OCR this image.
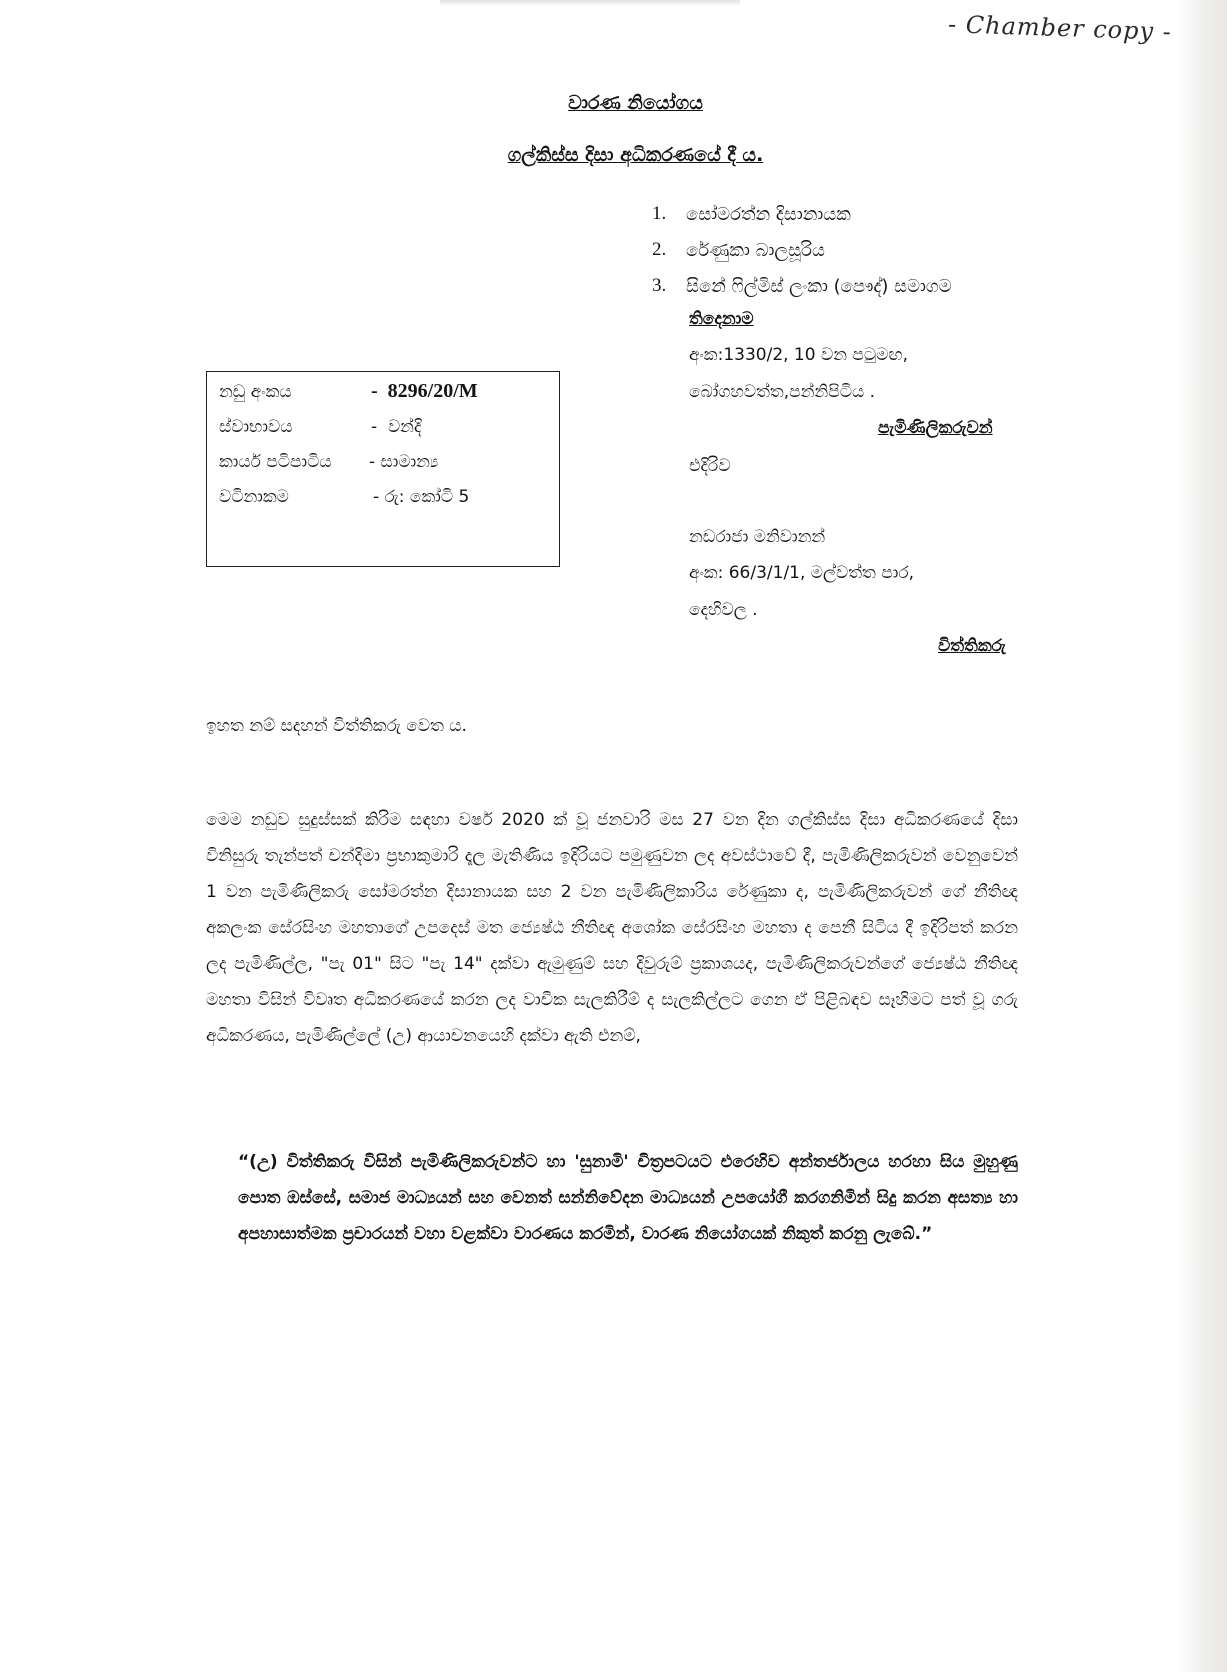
- Chamber copy -
වාරණ නියෝගය
ගල්කිස්ස දිසා අධිකරණයේ දී ය.
1.	සෝමරත්න දිසානායක
2.	රේණුකා බාලසූරිය
3.	සිනේ ෆිල්මිස් ලංකා (පෞද්) සමාගම
තිදෙනාම
අංක:1330/2, 10 වන පටුමඟ,
බෝගහවත්ත,පන්නිපිටිය .
පැමිණිලිකරුවන්
එදිරිව
නඩරාජා මනිවානන්
අංක: 66/3/1/1, මල්වත්ත පාර,
දෙහිවල .
විත්තිකරු
නඩු අංකය	-  8296/20/M
ස්වාභාවය	-  වන්දි
කාර්ය පටිපාටිය - සාමාන්‍ය
වටිනාකම	- රු: කෝටි 5
ඉහත නම් සදහන් විත්තිකරු වෙත ය.
මෙම නඩුව සුදුස්සක් කිරිම සඳහා වර්ෂ 2020 ක් වූ ජනවාරි මස 27 වන දින ගල්කිස්ස දිසා අධිකරණයේ දිසා විනිසුරු තැන්පත් චන්දිමා ප්‍රභාකුමාරි දෑල මැතිණිය ඉදිරියට පමුණුවන ලද අවස්ථාවේ දී, පැමිණිලිකරුවන් වෙනුවෙන් 1 වන පැමිණිලිකරු සෝමරත්න දිසානායක සහ 2 වන පැමිණිලිකාරිය රේණුකා ද, පැමිණිලිකරුවන් ගේ නීතිඥ අකලංක සේරසිංහ මහතාගේ උපදෙස් මත ජ්‍යෙෂ්ඨ නීතිඥ අශෝක සේරසිංහ මහතා ද පෙනී සිටිය දී ඉදිරිපත් කරන ලද පැමිණිල්ල, "පැ 01" සිට "පැ 14" දක්වා ඇමුණුම් සහ දිවුරුම් ප්‍රකාශයද, පැමිණිලිකරුවන්ගේ ජ්‍යෙෂ්ඨ නීතිඥ මහතා විසින් විවෘත අධිකරණයේ කරන ලද වාචික සැලකිරීම් ද සැලකිල්ලට ගෙන ඒ පිළිබඳව සෑහිමට පත් වූ ගරු අධිකරණය, පැමිණිල්ලේ (උ) ආයාචනයෙහි දක්වා ඇති එනම්,
“(උ) විත්තිකරු විසින් පැමිණිලිකරුවන්ට හා 'සුනාමි' චිත්‍රපටයට එරෙහිව අන්තර්ජාලය හරහා සිය මුහුණු පොත ඔස්සේ, සමාජ මාධ්‍යයන් සහ වෙනත් සන්නිවේදන මාධ්‍යයන් උපයෝගී කරගනිමින් සිදු කරන අසත්‍ය හා අපහාසාත්මක ප්‍රචාරයන් වහා වළක්වා වාරණය කරමින්, වාරණ නියෝගයක් නිකුත් කරනු ලැබේ.”
